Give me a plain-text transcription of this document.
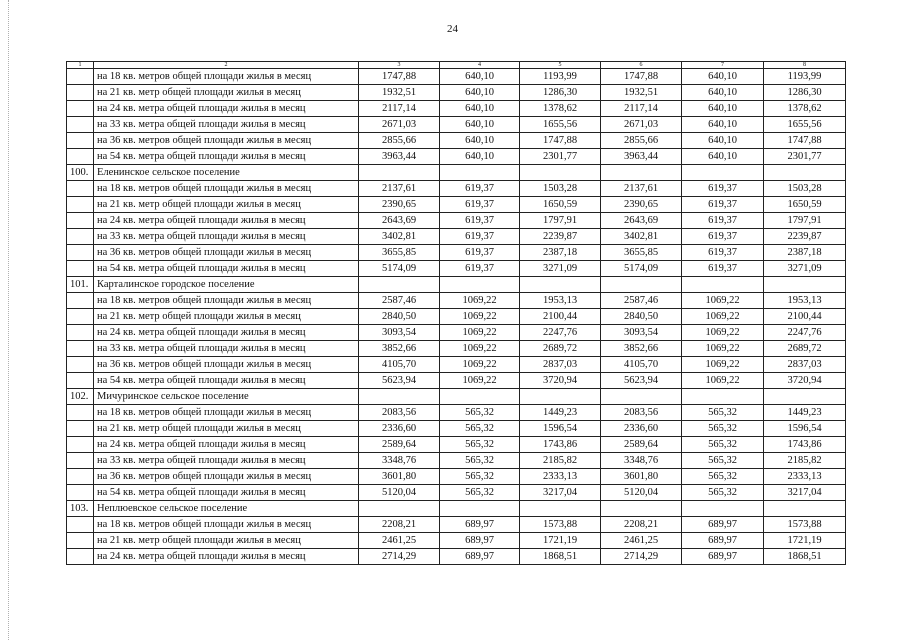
24
1	2	3	4	5	6	7	8
	на 18 кв. метров общей площади жилья в месяц	1747,88	640,10	1193,99	1747,88	640,10	1193,99
	на 21 кв. метр общей площади жилья в месяц	1932,51	640,10	1286,30	1932,51	640,10	1286,30
	на 24 кв. метра общей площади жилья в месяц	2117,14	640,10	1378,62	2117,14	640,10	1378,62
	на 33 кв. метра общей площади жилья в месяц	2671,03	640,10	1655,56	2671,03	640,10	1655,56
	на 36 кв. метров общей площади жилья в месяц	2855,66	640,10	1747,88	2855,66	640,10	1747,88
	на 54 кв. метра общей площади жилья в месяц	3963,44	640,10	2301,77	3963,44	640,10	2301,77
100.	Еленинское сельское поселение						
	на 18 кв. метров общей площади жилья в месяц	2137,61	619,37	1503,28	2137,61	619,37	1503,28
	на 21 кв. метр общей площади жилья в месяц	2390,65	619,37	1650,59	2390,65	619,37	1650,59
	на 24 кв. метра общей площади жилья в месяц	2643,69	619,37	1797,91	2643,69	619,37	1797,91
	на 33 кв. метра общей площади жилья в месяц	3402,81	619,37	2239,87	3402,81	619,37	2239,87
	на 36 кв. метров общей площади жилья в месяц	3655,85	619,37	2387,18	3655,85	619,37	2387,18
	на 54 кв. метра общей площади жилья в месяц	5174,09	619,37	3271,09	5174,09	619,37	3271,09
101.	Карталинское городское поселение						
	на 18 кв. метров общей площади жилья в месяц	2587,46	1069,22	1953,13	2587,46	1069,22	1953,13
	на 21 кв. метр общей площади жилья в месяц	2840,50	1069,22	2100,44	2840,50	1069,22	2100,44
	на 24 кв. метра общей площади жилья в месяц	3093,54	1069,22	2247,76	3093,54	1069,22	2247,76
	на 33 кв. метра общей площади жилья в месяц	3852,66	1069,22	2689,72	3852,66	1069,22	2689,72
	на 36 кв. метров общей площади жилья в месяц	4105,70	1069,22	2837,03	4105,70	1069,22	2837,03
	на 54 кв. метра общей площади жилья в месяц	5623,94	1069,22	3720,94	5623,94	1069,22	3720,94
102.	Мичуринское сельское поселение						
	на 18 кв. метров общей площади жилья в месяц	2083,56	565,32	1449,23	2083,56	565,32	1449,23
	на 21 кв. метр общей площади жилья в месяц	2336,60	565,32	1596,54	2336,60	565,32	1596,54
	на 24 кв. метра общей площади жилья в месяц	2589,64	565,32	1743,86	2589,64	565,32	1743,86
	на 33 кв. метра общей площади жилья в месяц	3348,76	565,32	2185,82	3348,76	565,32	2185,82
	на 36 кв. метров общей площади жилья в месяц	3601,80	565,32	2333,13	3601,80	565,32	2333,13
	на 54 кв. метра общей площади жилья в месяц	5120,04	565,32	3217,04	5120,04	565,32	3217,04
103.	Неплюевское сельское поселение						
	на 18 кв. метров общей площади жилья в месяц	2208,21	689,97	1573,88	2208,21	689,97	1573,88
	на 21 кв. метр общей площади жилья в месяц	2461,25	689,97	1721,19	2461,25	689,97	1721,19
	на 24 кв. метра общей площади жилья в месяц	2714,29	689,97	1868,51	2714,29	689,97	1868,51
